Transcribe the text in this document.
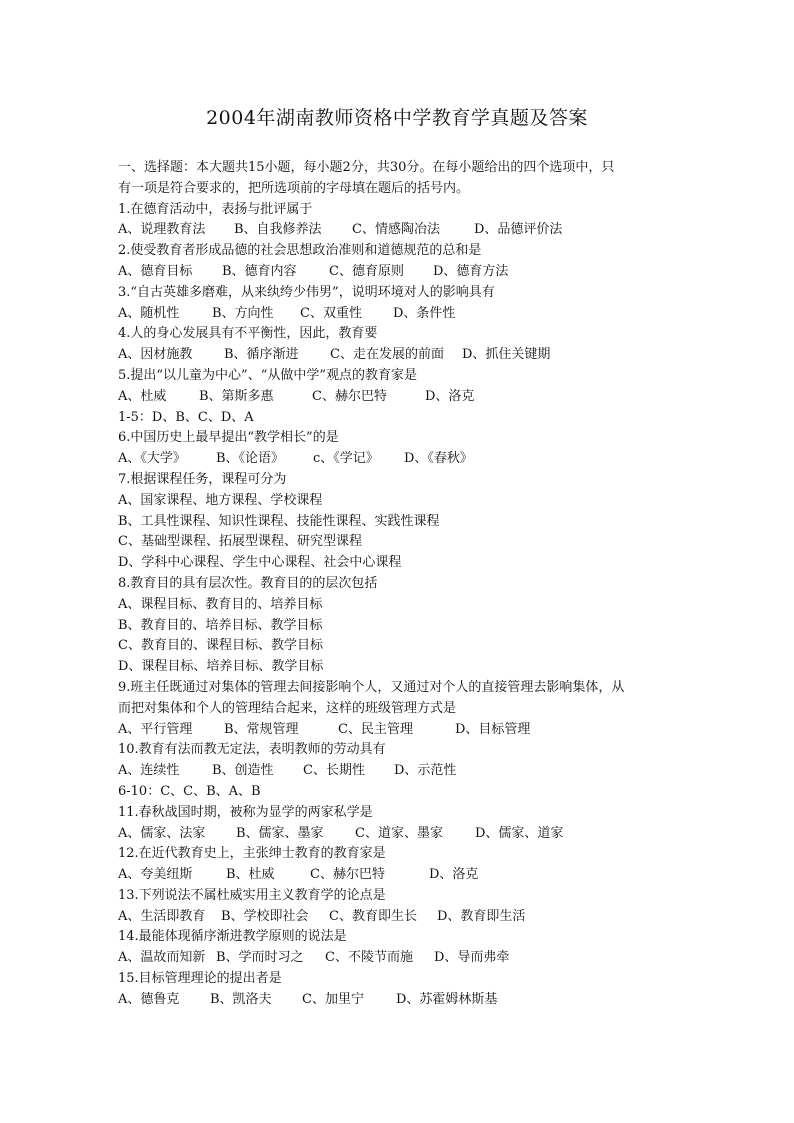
2004年湖南教师资格中学教育学真题及答案
一、选择题：本大题共15小题，每小题2分，共30分。在每小题给出的四个选项中，只
有一项是符合要求的，把所选项前的字母填在题后的括号内。
1.在德育活动中，表扬与批评属于
A、说理教育法	B、自我修养法	C、情感陶冶法	D、品德评价法
2.使受教育者形成品德的社会思想政治准则和道德规范的总和是
A、德育目标	B、德育内容	C、德育原则	D、德育方法
3.“自古英雄多磨难，从来纨绔少伟男”，说明环境对人的影响具有
A、随机性	B、方向性	C、双重性	D、条件性
4.人的身心发展具有不平衡性，因此，教育要
A、因材施教	B、循序渐进	C、走在发展的前面	D、抓住关键期
5.提出“以儿童为中心”、“从做中学”观点的教育家是
A、杜威	B、第斯多惠	C、赫尔巴特	D、洛克
1-5：D、B、C、D、A
6.中国历史上最早提出“教学相长”的是
A、《大学》	B、《论语》	c、《学记》	D、《春秋》
7.根据课程任务，课程可分为
A、国家课程、地方课程、学校课程
B、工具性课程、知识性课程、技能性课程、实践性课程
C、基础型课程、拓展型课程、研究型课程
D、学科中心课程、学生中心课程、社会中心课程
8.教育目的具有层次性。教育目的的层次包括
A、课程目标、教育目的、培养目标
B、教育目的、培养目标、教学目标
C、教育目的、课程目标、教学目标
D、课程目标、培养目标、教学目标
9.班主任既通过对集体的管理去间接影响个人，又通过对个人的直接管理去影响集体，从
而把对集体和个人的管理结合起来，这样的班级管理方式是
A、平行管理	B、常规管理	C、民主管理	D、目标管理
10.教育有法而教无定法，表明教师的劳动具有
A、连续性	B、创造性	C、长期性	D、示范性
6-10：C、C、B、A、B
11.春秋战国时期，被称为显学的两家私学是
A、儒家、法家	B、儒家、墨家	C、道家、墨家	D、儒家、道家
12.在近代教育史上，主张绅士教育的教育家是
A、夸美纽斯	B、杜威	C、赫尔巴特	D、洛克
13.下列说法不属杜威实用主义教育学的论点是
A、生活即教育	B、学校即社会	C、教育即生长	D、教育即生活
14.最能体现循序渐进教学原则的说法是
A、温故而知新 B、学而时习之	C、不陵节而施	D、导而弗牵
15.目标管理理论的提出者是
A、德鲁克	B、凯洛夫	C、加里宁	D、苏霍姆林斯基
